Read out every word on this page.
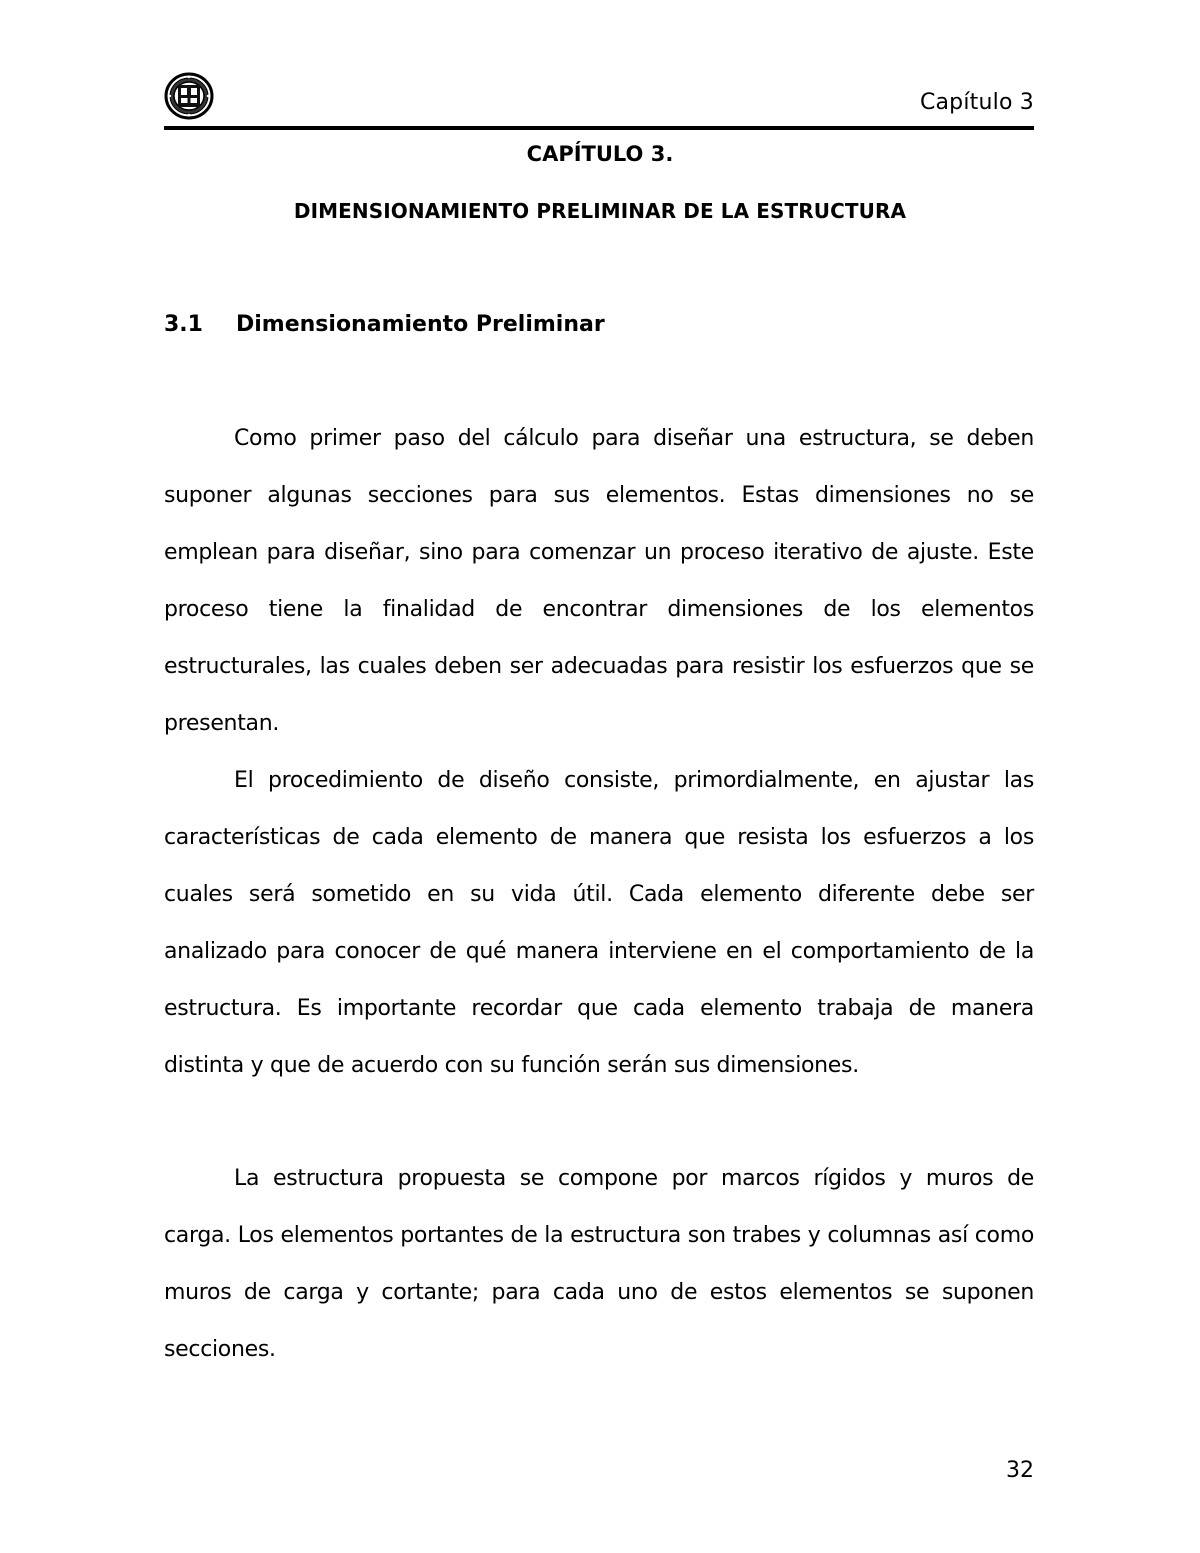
Capítulo 3
CAPÍTULO 3.
DIMENSIONAMIENTO PRELIMINAR DE LA ESTRUCTURA
3.1 Dimensionamiento Preliminar

Como primer paso del cálculo para diseñar una estructura, se deben suponer algunas secciones para sus elementos. Estas dimensiones no se emplean para diseñar, sino para comenzar un proceso iterativo de ajuste. Este proceso tiene la finalidad de encontrar dimensiones de los elementos estructurales, las cuales deben ser adecuadas para resistir los esfuerzos que se presentan.

El procedimiento de diseño consiste, primordialmente, en ajustar las características de cada elemento de manera que resista los esfuerzos a los cuales será sometido en su vida útil. Cada elemento diferente debe ser analizado para conocer de qué manera interviene en el comportamiento de la estructura. Es importante recordar que cada elemento trabaja de manera distinta y que de acuerdo con su función serán sus dimensiones.

La estructura propuesta se compone por marcos rígidos y muros de carga. Los elementos portantes de la estructura son trabes y columnas así como muros de carga y cortante; para cada uno de estos elementos se suponen secciones.

32
